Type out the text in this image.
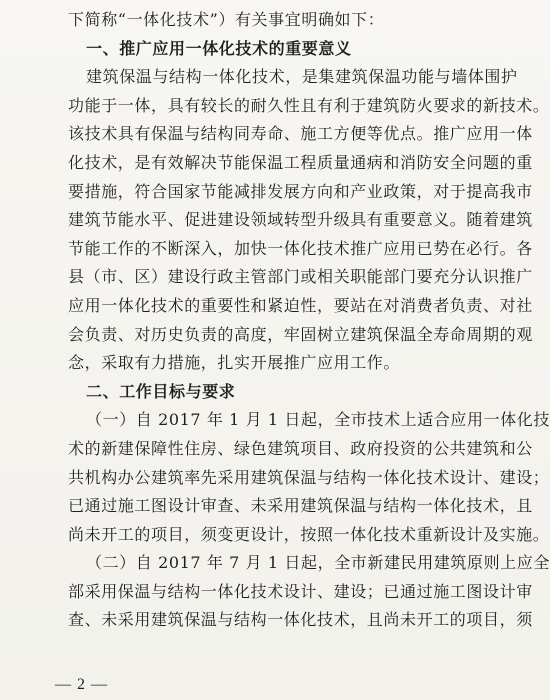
下简称“一体化技术”）有关事宜明确如下：
一、推广应用一体化技术的重要意义
建筑保温与结构一体化技术，是集建筑保温功能与墙体围护
功能于一体，具有较长的耐久性且有利于建筑防火要求的新技术。
该技术具有保温与结构同寿命、施工方便等优点。推广应用一体
化技术，是有效解决节能保温工程质量通病和消防安全问题的重
要措施，符合国家节能减排发展方向和产业政策，对于提高我市
建筑节能水平、促进建设领域转型升级具有重要意义。随着建筑
节能工作的不断深入，加快一体化技术推广应用已势在必行。各
县（市、区）建设行政主管部门或相关职能部门要充分认识推广
应用一体化技术的重要性和紧迫性，要站在对消费者负责、对社
会负责、对历史负责的高度，牢固树立建筑保温全寿命周期的观
念，采取有力措施，扎实开展推广应用工作。
二、工作目标与要求
（一）自 2017 年 1 月 1 日起，全市技术上适合应用一体化技
术的新建保障性住房、绿色建筑项目、政府投资的公共建筑和公
共机构办公建筑率先采用建筑保温与结构一体化技术设计、建设；
已通过施工图设计审查、未采用建筑保温与结构一体化技术，且
尚未开工的项目，须变更设计，按照一体化技术重新设计及实施。
（二）自 2017 年 7 月 1 日起，全市新建民用建筑原则上应全
部采用保温与结构一体化技术设计、建设；已通过施工图设计审
查、未采用建筑保温与结构一体化技术，且尚未开工的项目，须
— 2 —
